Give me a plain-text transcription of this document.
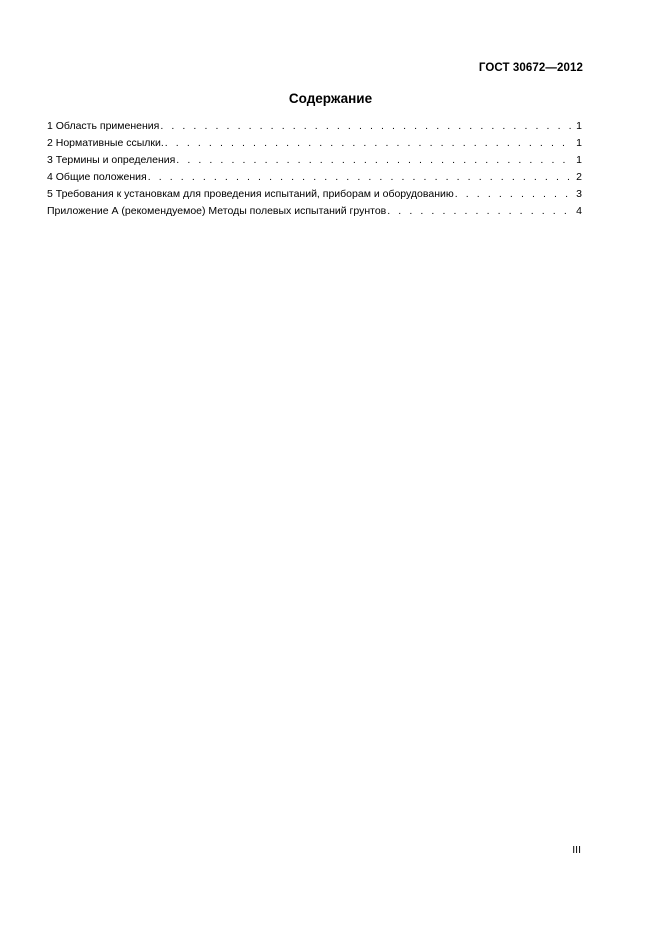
ГОСТ 30672—2012
Содержание
1 Область применения . . .	1
2 Нормативные ссылки. . . .	1
3 Термины и определения . . .	1
4 Общие положения . . .	2
5 Требования к установкам для проведения испытаний, приборам и оборудованию . . .	3
Приложение А (рекомендуемое) Методы полевых испытаний грунтов . . .	4
III
